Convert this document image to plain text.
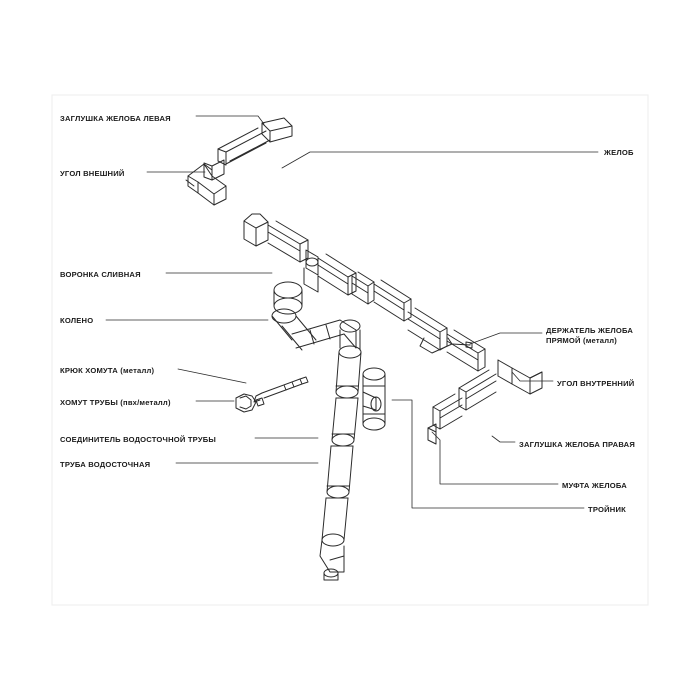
ЗАГЛУШКА ЖЕЛОБА ЛЕВАЯ
УГОЛ ВНЕШНИЙ
ВОРОНКА СЛИВНАЯ
КОЛЕНО
КРЮК ХОМУТА (металл)
ХОМУТ ТРУБЫ (пвх/металл)
СОЕДИНИТЕЛЬ ВОДОСТОЧНОЙ ТРУБЫ
ТРУБА ВОДОСТОЧНАЯ
ЖЕЛОБ
ДЕРЖАТЕЛЬ ЖЕЛОБА
ПРЯМОЙ (металл)
УГОЛ ВНУТРЕННИЙ
ЗАГЛУШКА ЖЕЛОБА ПРАВАЯ
МУФТА ЖЕЛОБА
ТРОЙНИК
